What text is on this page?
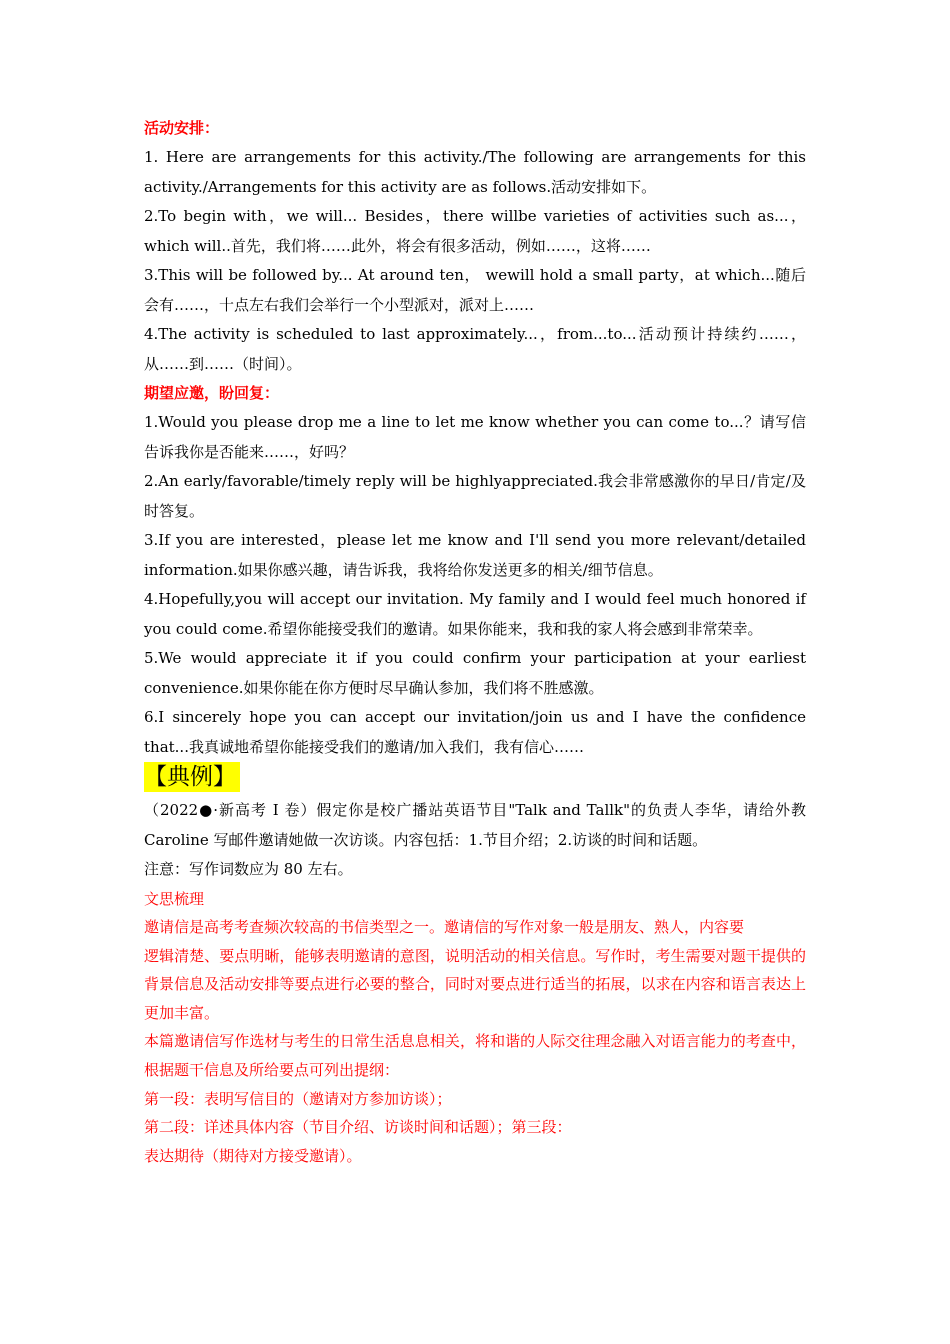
活动安排：

1. Here are arrangements for this activity./The following are arrangements for this activity./Arrangements for this activity are as follows.活动安排如下。

2.To begin with，we will... Besides，there willbe varieties of activities such as...，which will..首先，我们将……此外，将会有很多活动，例如……，这将……

3.This will be followed by... At around ten， wewill hold a small party，at which...随后会有……，十点左右我们会举行一个小型派对，派对上……

4.The activity is scheduled to last approximately...，from...to...活动预计持续约……，从……到……（时间）。

期望应邀，盼回复：

1.Would you please drop me a line to let me know whether you can come to...？请写信告诉我你是否能来……，好吗？

2.An early/favorable/timely reply will be highlyappreciated.我会非常感激你的早日/肯定/及时答复。

3.If you are interested，please let me know and I'll send you more relevant/detailed information.如果你感兴趣，请告诉我，我将给你发送更多的相关/细节信息。

4.Hopefully,you will accept our invitation. My family and I would feel much honored if you could come.希望你能接受我们的邀请。如果你能来，我和我的家人将会感到非常荣幸。

5.We would appreciate it if you could confirm your participation at your earliest convenience.如果你能在你方便时尽早确认参加，我们将不胜感激。

6.I sincerely hope you can accept our invitation/join us and I have the confidence that...我真诚地希望你能接受我们的邀请/加入我们，我有信心……

【典例】

（2022●·新高考 I 卷）假定你是校广播站英语节目"Talk and Tallk"的负责人李华，请给外教 Caroline 写邮件邀请她做一次访谈。内容包括：1.节目介绍；2.访谈的时间和话题。

注意：写作词数应为 80 左右。

文思梳理

邀请信是高考考查频次较高的书信类型之一。邀请信的写作对象一般是朋友、熟人，内容要

逻辑清楚、要点明晰，能够表明邀请的意图，说明活动的相关信息。写作时，考生需要对题干提供的背景信息及活动安排等要点进行必要的整合，同时对要点进行适当的拓展，以求在内容和语言表达上更加丰富。

本篇邀请信写作选材与考生的日常生活息息相关，将和谐的人际交往理念融入对语言能力的考查中，根据题干信息及所给要点可列出提纲：

第一段：表明写信目的（邀请对方参加访谈）；

第二段：详述具体内容（节目介绍、访谈时间和话题）；第三段：

表达期待（期待对方接受邀请）。
